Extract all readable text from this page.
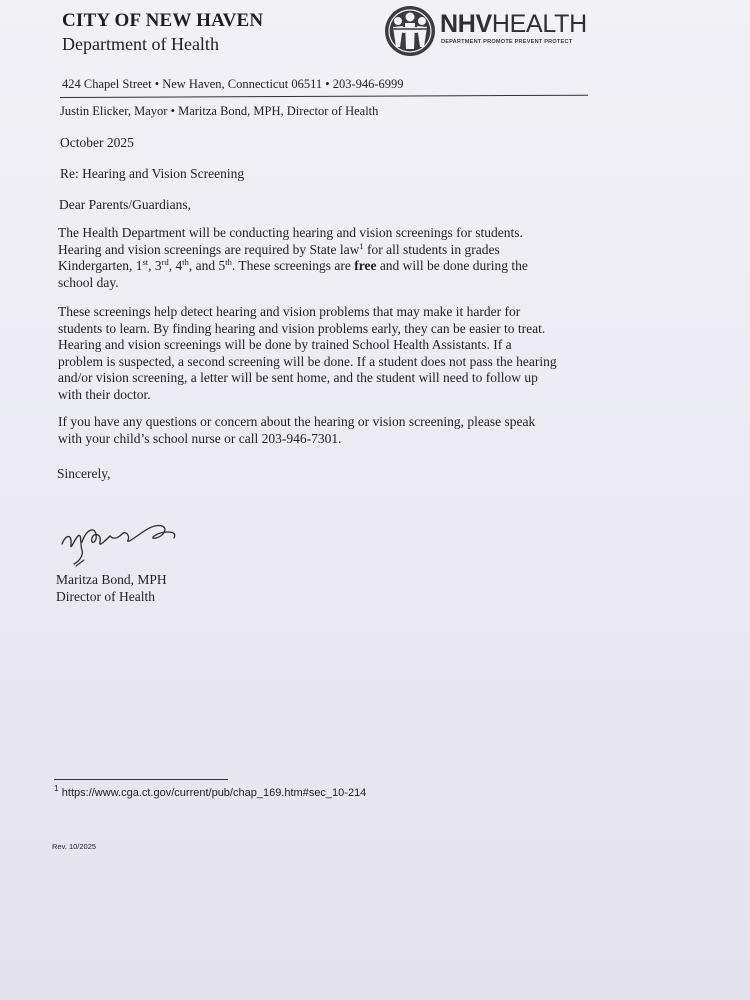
CITY OF NEW HAVEN
Department of Health
NHVHEALTH
DEPARTMENT PROMOTE PREVENT PROTECT
424 Chapel Street • New Haven, Connecticut 06511 • 203-946-6999
Justin Elicker, Mayor • Maritza Bond, MPH, Director of Health
October 2025
Re: Hearing and Vision Screening
Dear Parents/Guardians,
The Health Department will be conducting hearing and vision screenings for students.
Hearing and vision screenings are required by State law$^1$ for all students in grades
Kindergarten, 1st, 3rd, 4th, and 5th. These screenings are free and will be done during the
school day.
These screenings help detect hearing and vision problems that may make it harder for
students to learn. By finding hearing and vision problems early, they can be easier to treat.
Hearing and vision screenings will be done by trained School Health Assistants. If a
problem is suspected, a second screening will be done. If a student does not pass the hearing
and/or vision screening, a letter will be sent home, and the student will need to follow up
with their doctor.
If you have any questions or concern about the hearing or vision screening, please speak
with your child’s school nurse or call 203-946-7301.
Sincerely,
Maritza Bond, MPH
Director of Health
$^1$ https://www.cga.ct.gov/current/pub/chap_169.htm#sec_10-214
Rev. 10/2025
